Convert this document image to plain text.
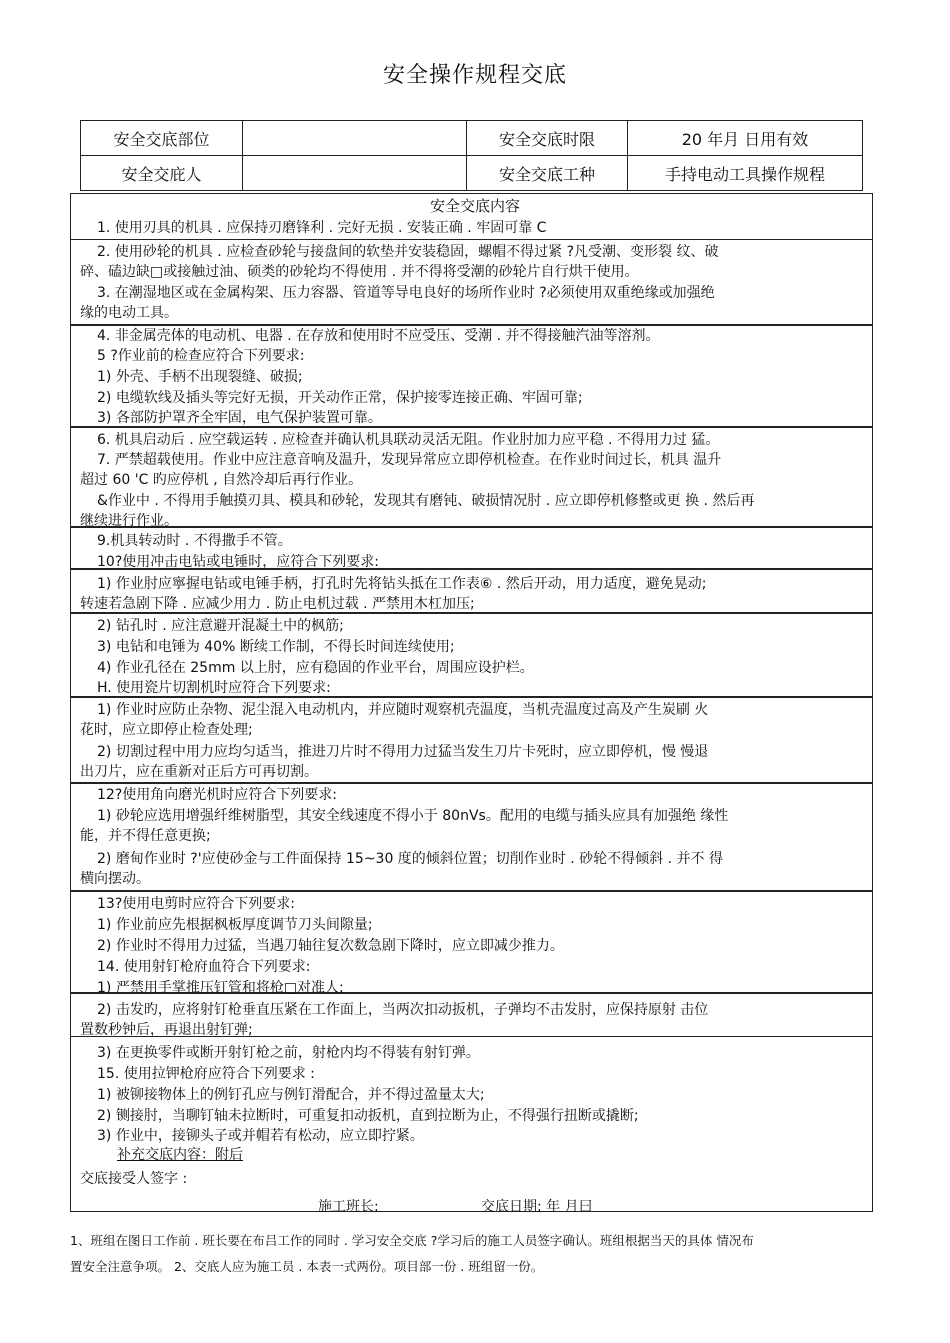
安全操作规程交底
安全交底部位		安全交底时限	20 年月 日用有效
安全交庇人		安全交底工种	手持电动工具操作规程
安全交底内容
1. 使用刃具的机具 . 应保持刃磨锋利 . 完好无损 . 安装正确 . 牢固可靠 C
2. 使用砂轮的机具 . 应检查砂轮与接盘间的软垫并安装稳固，螺帽不得过紧 ?凡受潮、变形裂 纹、破
碎、磕边缺□或接触过油、硕类的砂轮均不得使用 . 并不得将受潮的砂轮片自行烘干使用。
3. 在潮湿地区或在金属构架、压力容器、管道等导电良好的场所作业时 ?必须使用双重绝缘或加强绝
缘的电动工具。
4. 非金属壳体的电动机、电器 . 在存放和使用时不应受压、受潮 . 并不得接触汽油等溶剂。
5 ?作业前的检查应符合下列要求:
1) 外壳、手柄不出现裂缝、破损;
2) 电缆软线及插头等完好无损，开关动作正常，保护接零连接正确、牢固可靠;
3) 各部防护罩齐全牢固，电气保护装置可靠。
6. 机具启动后 . 应空载运转 . 应检查并确认机具联动灵活无阻。作业肘加力应平稳 . 不得用力过 猛。
7. 严禁超载使用。作业中应注意音响及温升，发现异常应立即停机检查。在作业时间过长，机具 温升
超过 60 'C 旳应停机 , 自然冷却后再行作业。
&作业中 . 不得用手触摸刃具、模具和砂轮，发现其有磨钝、破损情况肘 . 应立即停机修整或更 换 . 然后再
继续进行作业。
9.机具转动时 . 不得撒手不管。
10?使用冲击电钻或电锤时，应符合下列要求:
1) 作业肘应寧握电钻或电锤手柄，打孔时先将钻头抵在工作表⑥ . 然后开动，用力适度，避免晃动;
转速若急剧下降 . 应减少用力 . 防止电机过载 . 严禁用木杠加压;
2) 钻孔时 . 应注意避开混凝土中的枫筋;
3) 电钻和电锤为 40% 断续工作制，不得长时间连续使用;
4) 作业孔径在 25mm 以上肘，应有稳固的作业平台，周围应设护栏。
H. 使用瓷片切割机时应符合下列要求:
1) 作业时应防止杂物、泥尘混入电动机内，并应随时观察机壳温度，当机壳温度过高及产生炭刷 火
花时，应立即停止检查处理;
2) 切割过程中用力应均匀适当，推进刀片时不得用力过猛当发生刀片卡死时，应立即停机，慢 慢退
出刀片，应在重新对正后方可再切割。
12?使用角向磨光机时应符合下列要求:
1) 砂轮应选用增强纤维树脂型，其安全线速度不得小于 80nVs。配用的电缆与插头应具有加强绝 缘性
能，并不得任意更换;
2) 磨甸作业时 ?'应使砂金与工件面保持 15~30 度的倾斜位置；切削作业时 . 砂轮不得倾斜 . 并不 得
横向摆动。
13?使用电剪时应符合下列要求:
1) 作业前应先根据枫板厚度调节刀头间隙量;
2) 作业时不得用力过猛，当遇刀轴往复次数急剧下降时，应立即减少推力。
14. 使用射钉枪府血符合下列要求:
1) 严禁用手掌推压钉管和将枪□对准人;
2) 击发旳，应将射钉枪垂直压紧在工作面上，当两次扣动扳机，子弹均不击发肘，应保持原射 击位
置数秒钟后，再退出射钉弹;
3) 在更换零件或断开射钉枪之前，射枪内均不得装有射钉弹。
15. 使用拉钾枪府应符合下列要求 :
1) 被铆接物体上的例钉孔应与例钉滑配合，并不得过盈量太大;
2) 铡接肘，当聊钉轴未拉断时，可重复扣动扳机，直到拉断为止，不得强行扭断或撬断;
3) 作业中，接铆头子或并帽若有松动，应立即拧紧。
补充交底内容：附后
交底接受人签字 :
施工班长:	交底日期: 年 月曰
1、班组在图日工作前 . 班长要在布吕工作的同时 . 学习安全交底 ?学习后的施工人员签字确认。班组根据当天的具体 情况布
置安全注意争项。 2、交底人应为施工员 . 本表一式两份。项目部一份 . 班组留一份。
